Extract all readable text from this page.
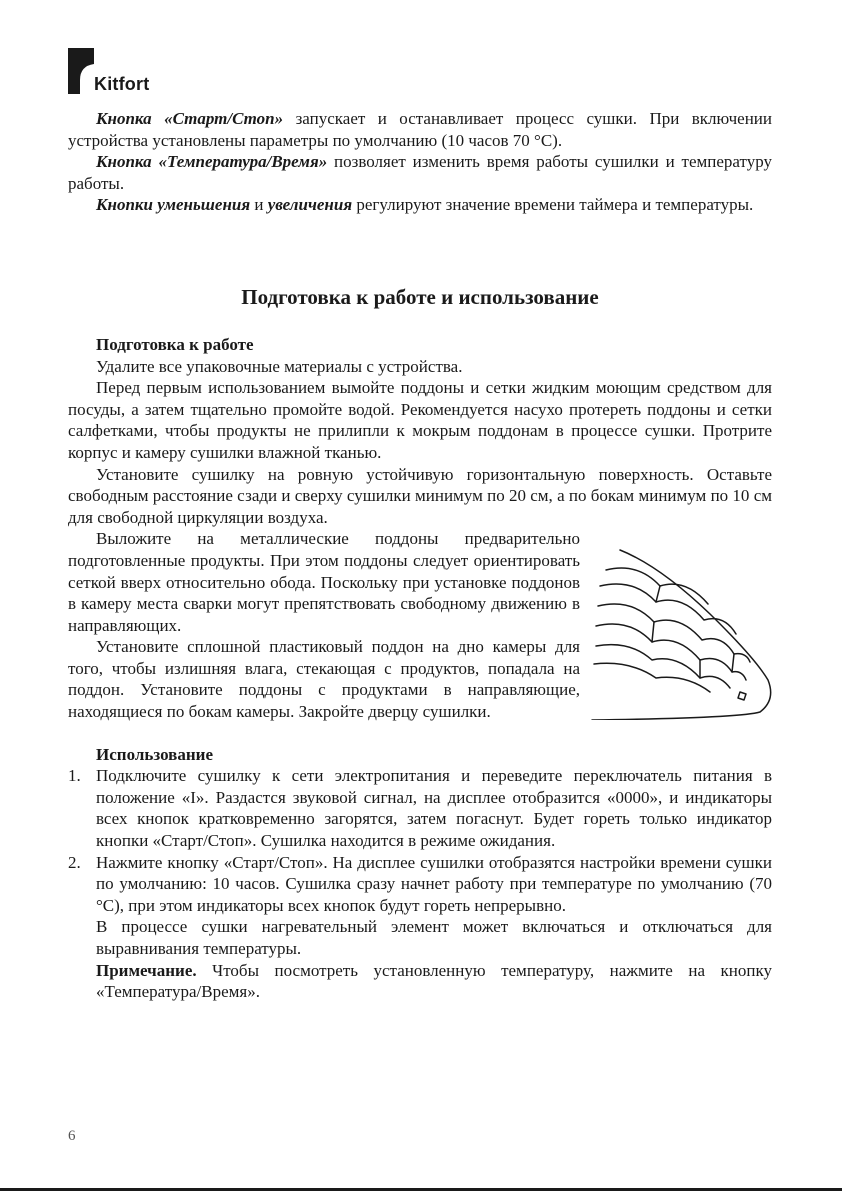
Kitfort

Кнопка «Старт/Стоп» запускает и останавливает процесс сушки. При включении устройства установлены параметры по умолчанию (10 часов 70 °C).

Кнопка «Температура/Время» позволяет изменить время работы сушилки и температуру работы.

Кнопки уменьшения и увеличения регулируют значение времени таймера и температуры.

Подготовка к работе и использование

Подготовка к работе

Удалите все упаковочные материалы с устройства.

Перед первым использованием вымойте поддоны и сетки жидким моющим средством для посуды, а затем тщательно промойте водой. Рекомендуется насухо протереть поддоны и сетки салфетками, чтобы продукты не прилипли к мокрым поддонам в процессе сушки. Протрите корпус и камеру сушилки влажной тканью.

Установите сушилку на ровную устойчивую горизонтальную поверхность. Оставьте свободным расстояние сзади и сверху сушилки минимум по 20 см, а по бокам минимум по 10 см для свободной циркуляции воздуха.

Выложите на металлические поддоны предварительно подготовленные продукты. При этом поддоны следует ориентировать сеткой вверх относительно обода. Поскольку при установке поддонов в камеру места сварки могут препятствовать свободному движению в направляющих.

Установите сплошной пластиковый поддон на дно камеры для того, чтобы излишняя влага, стекающая с продуктов, попадала на поддон. Установите поддоны с продуктами в направляющие, находящиеся по бокам камеры. Закройте дверцу сушилки.

Использование

1. Подключите сушилку к сети электропитания и переведите переключатель питания в положение «I». Раздастся звуковой сигнал, на дисплее отобразится «0000», и индикаторы всех кнопок кратковременно загорятся, затем погаснут. Будет гореть только индикатор кнопки «Старт/Стоп». Сушилка находится в режиме ожидания.

2. Нажмите кнопку «Старт/Стоп». На дисплее сушилки отобразятся настройки времени сушки по умолчанию: 10 часов. Сушилка сразу начнет работу при температуре по умолчанию (70 °C), при этом индикаторы всех кнопок будут гореть непрерывно.

В процессе сушки нагревательный элемент может включаться и отключаться для выравнивания температуры.

Примечание. Чтобы посмотреть установленную температуру, нажмите на кнопку «Температура/Время».

6
